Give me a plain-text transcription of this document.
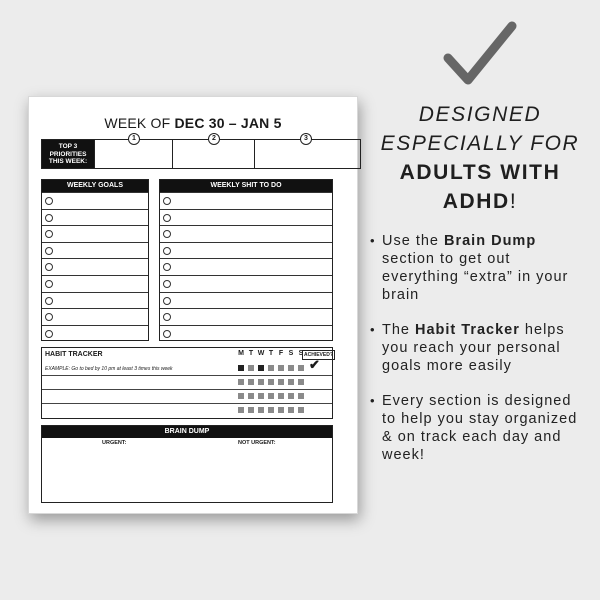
WEEK OF DEC 30 – JAN 5
TOP 3 PRIORITIES THIS WEEK:
1	2	3
WEEKLY GOALS	WEEKLY SHIT TO DO
HABIT TRACKER
EXAMPLE: Go to bed by 10 pm at least 3 times this week
M T W T F S S ACHIEVED?
✔
BRAIN DUMP
URGENT:	NOT URGENT:
DESIGNED
ESPECIALLY FOR
ADULTS WITH
ADHD!
• Use the Brain Dump section to get out everything “extra” in your brain
• The Habit Tracker helps you reach your personal goals more easily
• Every section is designed to help you stay organized & on track each day and week!
